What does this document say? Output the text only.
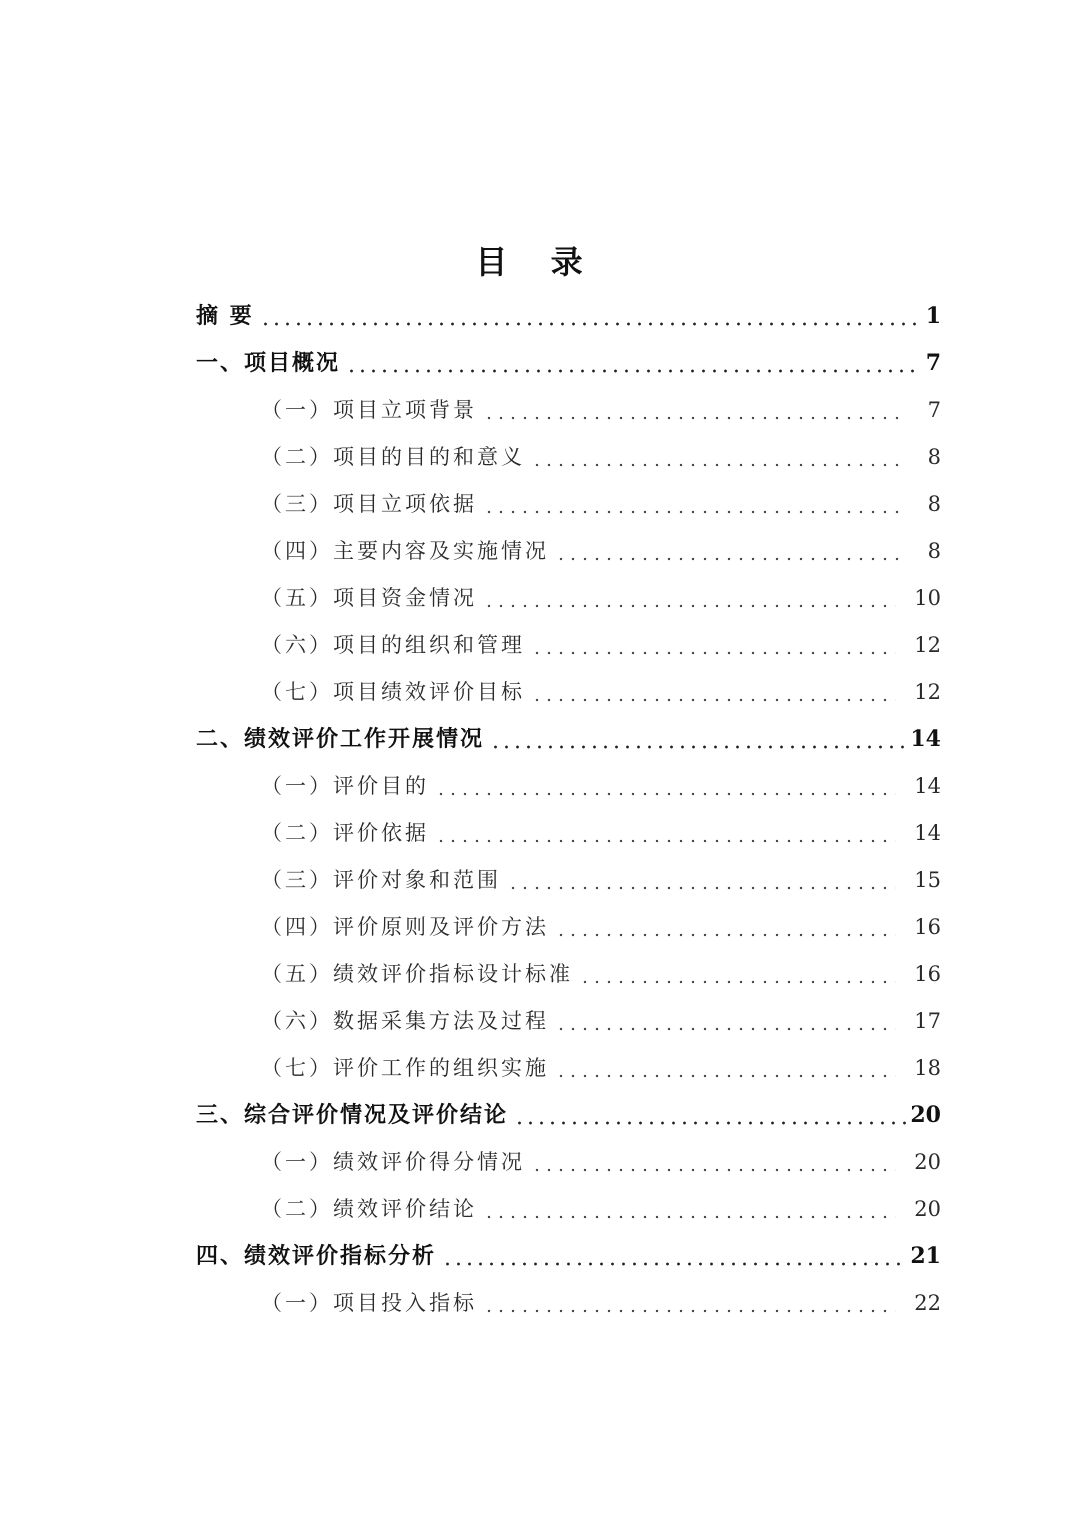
目 录
摘 要	1
一、项目概况	7
（一）项目立项背景	7
（二）项目的目的和意义	8
（三）项目立项依据	8
（四）主要内容及实施情况	8
（五）项目资金情况	10
（六）项目的组织和管理	12
（七）项目绩效评价目标	12
二、绩效评价工作开展情况	14
（一）评价目的	14
（二）评价依据	14
（三）评价对象和范围	15
（四）评价原则及评价方法	16
（五）绩效评价指标设计标准	16
（六）数据采集方法及过程	17
（七）评价工作的组织实施	18
三、综合评价情况及评价结论	20
（一）绩效评价得分情况	20
（二）绩效评价结论	20
四、绩效评价指标分析	21
（一）项目投入指标	22
